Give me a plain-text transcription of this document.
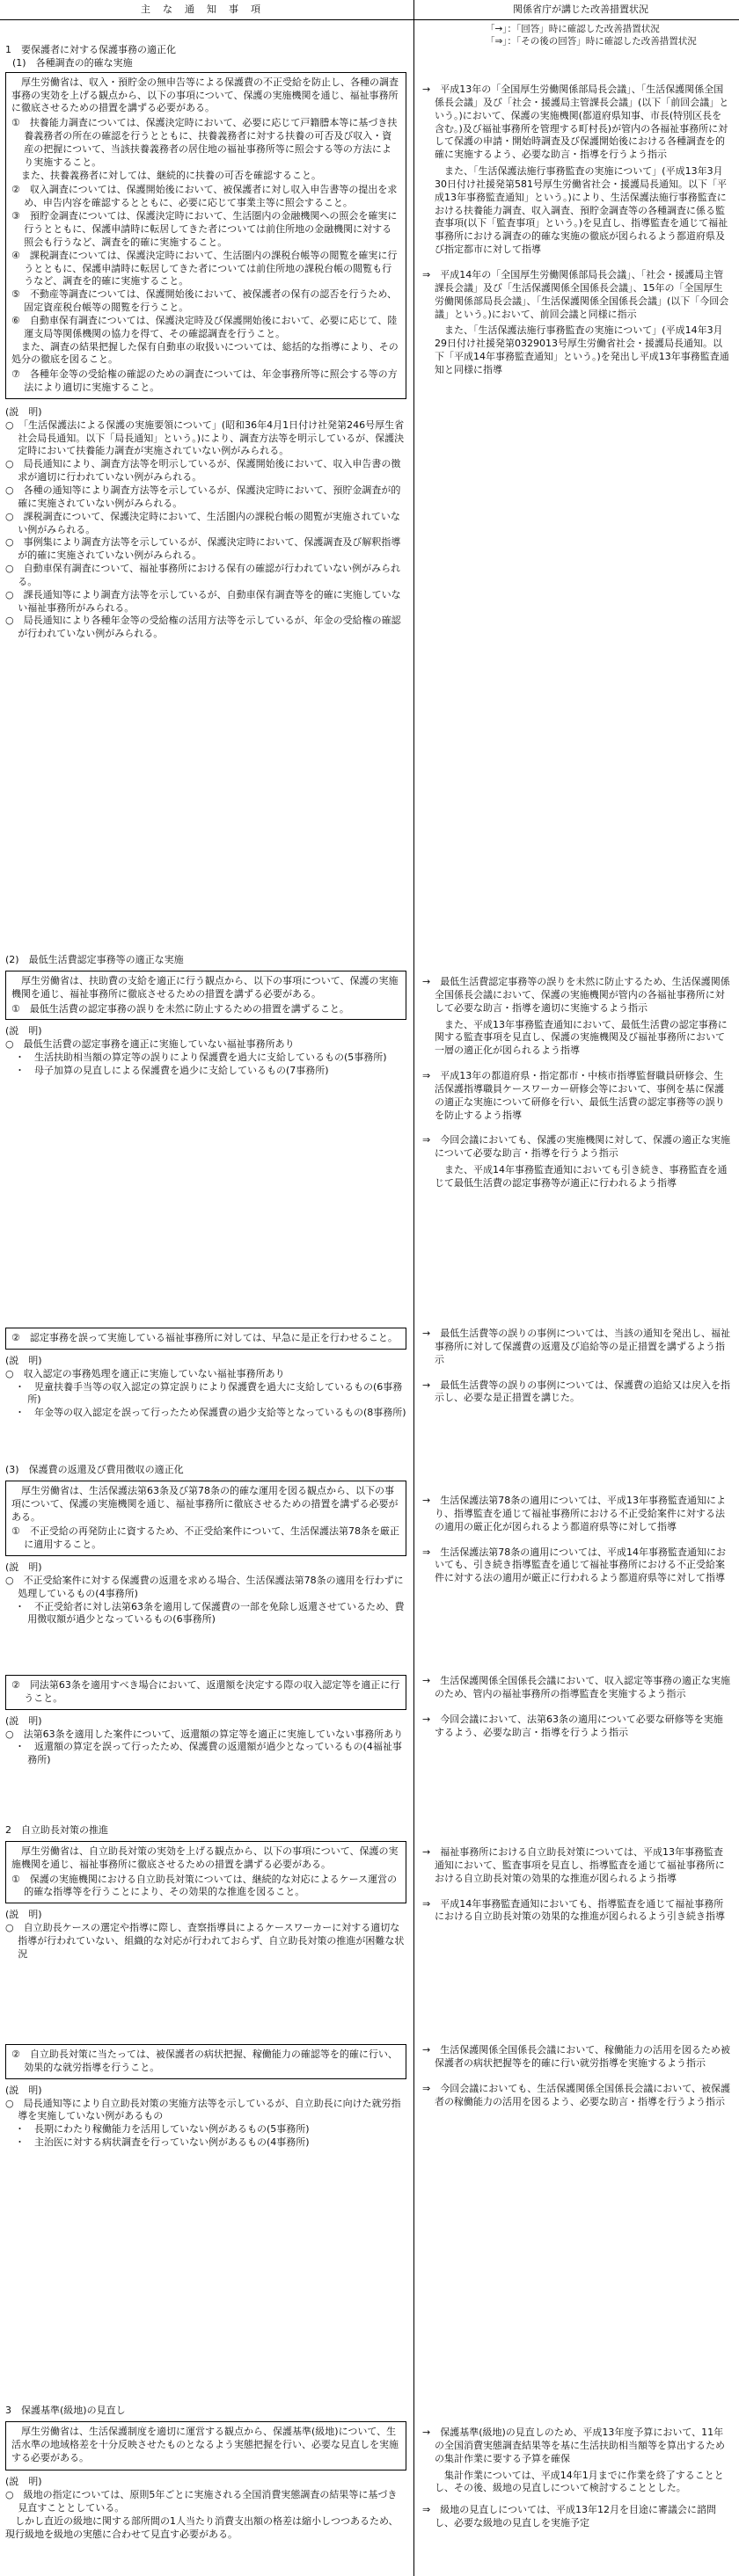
主な通知事項	関係省庁が講じた改善措置状況
「→」：「回答」時に確認した改善措置状況
「⇒」：「その後の回答」時に確認した改善措置状況
1　要保護者に対する保護事務の適正化
(1)　各種調査の的確な実施

厚生労働省は、収入・預貯金の無申告等による保護費の不正受給を防止し、各種の調査事務の実効を上げる観点から、以下の事項について、保護の実施機関を通じ、福祉事務所に徹底させるための措置を講ずる必要がある。

①　扶養能力調査については、保護決定時において、必要に応じて戸籍謄本等に基づき扶養義務者の所在の確認を行うとともに、扶養義務者に対する扶養の可否及び収入・資産の把握について、当該扶養義務者の居住地の福祉事務所等に照会する等の方法により実施すること。

また、扶養義務者に対しては、継続的に扶養の可否を確認すること。

②　収入調査については、保護開始後において、被保護者に対し収入申告書等の提出を求め、申告内容を確認するとともに、必要に応じて事業主等に照会すること。

③　預貯金調査については、保護決定時において、生活圏内の金融機関への照会を確実に行うとともに、保護申請時に転居してきた者については前住所地の金融機関に対する照会も行うなど、調査を的確に実施すること。

④　課税調査については、保護決定時において、生活圏内の課税台帳等の閲覧を確実に行うとともに、保護申請時に転居してきた者については前住所地の課税台帳の閲覧も行うなど、調査を的確に実施すること。

⑤　不動産等調査については、保護開始後において、被保護者の保有の認否を行うため、固定資産税台帳等の閲覧を行うこと。

⑥　自動車保有調査については、保護決定時及び保護開始後において、必要に応じて、陸運支局等関係機関の協力を得て、その確認調査を行うこと。

また、調査の結果把握した保有自動車の取扱いについては、総括的な指導により、その処分の徹底を図ること。

⑦　各種年金等の受給権の確認のための調査については、年金事務所等に照会する等の方法により適切に実施すること。

(説　明)

○　「生活保護法による保護の実施要領について」(昭和36年4月1日付け社発第246号厚生省社会局長通知。以下「局長通知」という。)により、調査方法等を明示しているが、保護決定時において扶養能力調査が実施されていない例がみられる。

○　局長通知により、調査方法等を明示しているが、保護開始後において、収入申告書の徴求が適切に行われていない例がみられる。

○　各種の通知等により調査方法等を示しているが、保護決定時において、預貯金調査が的確に実施されていない例がみられる。

○　課税調査について、保護決定時において、生活圏内の課税台帳の閲覧が実施されていない例がみられる。

○　事例集により調査方法等を示しているが、保護決定時において、保護調査及び解釈指導が的確に実施されていない例がみられる。

○　自動車保有調査について、福祉事務所における保有の確認が行われていない例がみられる。

○　課長通知等により調査方法等を示しているが、自動車保有調査等を的確に実施していない福祉事務所がみられる。

○　局長通知により各種年金等の受給権の活用方法等を示しているが、年金の受給権の確認が行われていない例がみられる。

→　平成13年の「全国厚生労働関係部局長会議」、「生活保護関係全国係長会議」及び「社会・援護局主管課長会議」(以下「前回会議」という。)において、保護の実施機関(都道府県知事、市長(特別区長を含む。)及び福祉事務所を管理する町村長)が管内の各福祉事務所に対して保護の申請・開始時調査及び保護開始後における各種調査を的確に実施するよう、必要な助言・指導を行うよう指示
また、「生活保護法施行事務監査の実施について」(平成13年3月30日付け社援発第581号厚生労働省社会・援護局長通知。以下「平成13年事務監査通知」という。)により、生活保護法施行事務監査における扶養能力調査、収入調査、預貯金調査等の各種調査に係る監査事項(以下「監査事項」という。)を見直し、指導監査を通じて福祉事務所における調査の的確な実施の徹底が図られるよう都道府県及び指定都市に対して指導
⇒　平成14年の「全国厚生労働関係部局長会議」、「社会・援護局主管課長会議」及び「生活保護関係全国係長会議」、15年の「全国厚生労働関係部局長会議」、「生活保護関係全国係長会議」(以下「今回会議」という。)において、前回会議と同様に指示
また、「生活保護法施行事務監査の実施について」(平成14年3月29日付け社援発第0329013号厚生労働省社会・援護局長通知。以下「平成14年事務監査通知」という。)を発出し平成13年事務監査通知と同様に指導
(2)　最低生活費認定事務等の適正な実施

厚生労働省は、扶助費の支給を適正に行う観点から、以下の事項について、保護の実施機関を通じ、福祉事務所に徹底させるための措置を講ずる必要がある。

①　最低生活費の認定事務の誤りを未然に防止するための措置を講ずること。

(説　明)

○　最低生活費の認定事務を適正に実施していない福祉事務所あり

・　生活扶助相当額の算定等の誤りにより保護費を過大に支給しているもの(5事務所)

・　母子加算の見直しによる保護費を過少に支給しているもの(7事務所)

②　認定事務を誤って実施している福祉事務所に対しては、早急に是正を行わせること。

(説　明)

○　収入認定の事務処理を適正に実施していない福祉事務所あり

・　児童扶養手当等の収入認定の算定誤りにより保護費を過大に支給しているもの(6事務所)

・　年金等の収入認定を誤って行ったため保護費の過少支給等となっているもの(8事務所)

→　最低生活費認定事務等の誤りを未然に防止するため、生活保護関係全国係長会議において、保護の実施機関が管内の各福祉事務所に対して必要な助言・指導を適切に実施するよう指示
また、平成13年事務監査通知において、最低生活費の認定事務に関する監査事項を見直し、保護の実施機関及び福祉事務所において一層の適正化が図られるよう指導
⇒　平成13年の都道府県・指定都市・中核市指導監督職員研修会、生活保護指導職員ケースワーカー研修会等において、事例を基に保護の適正な実施について研修を行い、最低生活費の認定事務等の誤りを防止するよう指導
⇒　今回会議においても、保護の実施機関に対して、保護の適正な実施について必要な助言・指導を行うよう指示
また、平成14年事務監査通知においても引き続き、事務監査を通じて最低生活費の認定事務等が適正に行われるよう指導
→　最低生活費等の誤りの事例については、当該の通知を発出し、福祉事務所に対して保護費の返還及び追給等の是正措置を講ずるよう指示
→　最低生活費等の誤りの事例については、保護費の追給又は戻入を指示し、必要な是正措置を講じた。
(3)　保護費の返還及び費用徴収の適正化

厚生労働省は、生活保護法第63条及び第78条の的確な運用を図る観点から、以下の事項について、保護の実施機関を通じ、福祉事務所に徹底させるための措置を講ずる必要がある。

①　不正受給の再発防止に資するため、不正受給案件について、生活保護法第78条を厳正に適用すること。

(説　明)

○　不正受給案件に対する保護費の返還を求める場合、生活保護法第78条の適用を行わずに処理しているもの(4事務所)

・　不正受給者に対し法第63条を適用して保護費の一部を免除し返還させているため、費用徴収額が過少となっているもの(6事務所)

②　同法第63条を適用すべき場合において、返還額を決定する際の収入認定等を適正に行うこと。

(説　明)

○　法第63条を適用した案件について、返還額の算定等を適正に実施していない事務所あり

・　返還額の算定を誤って行ったため、保護費の返還額が過少となっているもの(4福祉事務所)

→　生活保護法第78条の適用については、平成13年事務監査通知により、指導監査を通じて福祉事務所における不正受給案件に対する法の適用の厳正化が図られるよう都道府県等に対して指導
⇒　生活保護法第78条の適用については、平成14年事務監査通知においても、引き続き指導監査を通じて福祉事務所における不正受給案件に対する法の適用が厳正に行われるよう都道府県等に対して指導
→　生活保護関係全国係長会議において、収入認定等事務の適正な実施のため、管内の福祉事務所の指導監査を実施するよう指示
→　今回会議において、法第63条の適用について必要な研修等を実施するよう、必要な助言・指導を行うよう指示
2　自立助長対策の推進

厚生労働省は、自立助長対策の実効を上げる観点から、以下の事項について、保護の実施機関を通じ、福祉事務所に徹底させるための措置を講ずる必要がある。

①　保護の実施機関における自立助長対策については、継続的な対応によるケース運営の的確な指導等を行うことにより、その効果的な推進を図ること。

(説　明)

○　自立助長ケースの選定や指導に際し、査察指導員によるケースワーカーに対する適切な指導が行われていない、組織的な対応が行われておらず、自立助長対策の推進が困難な状況

②　自立助長対策に当たっては、被保護者の病状把握、稼働能力の確認等を的確に行い、効果的な就労指導を行うこと。

(説　明)

○　局長通知等により自立助長対策の実施方法等を示しているが、自立助長に向けた就労指導を実施していない例があるもの

・　長期にわたり稼働能力を活用していない例があるもの(5事務所)

・　主治医に対する病状調査を行っていない例があるもの(4事務所)

→　福祉事務所における自立助長対策については、平成13年事務監査通知において、監査事項を見直し、指導監査を通じて福祉事務所における自立助長対策の効果的な推進が図られるよう指導
⇒　平成14年事務監査通知においても、指導監査を通じて福祉事務所における自立助長対策の効果的な推進が図られるよう引き続き指導
→　生活保護関係全国係長会議において、稼働能力の活用を図るため被保護者の病状把握等を的確に行い就労指導を実施するよう指示
⇒　今回会議においても、生活保護関係全国係長会議において、被保護者の稼働能力の活用を図るよう、必要な助言・指導を行うよう指示
3　保護基準(級地)の見直し

厚生労働省は、生活保護制度を適切に運営する観点から、保護基準(級地)について、生活水準の地域格差を十分反映させたものとなるよう実態把握を行い、必要な見直しを実施する必要がある。

(説　明)

○　級地の指定については、原則5年ごとに実施される全国消費実態調査の結果等に基づき見直すこととしている。

しかし直近の級地に関する部所間の1人当たり消費支出額の格差は縮小しつつあるため、現行級地を級地の実態に合わせて見直す必要がある。

→　保護基準(級地)の見直しのため、平成13年度予算において、11年の全国消費実態調査結果等を基に生活扶助相当額等を算出するための集計作業に要する予算を確保
集計作業については、平成14年1月までに作業を終了することとし、その後、級地の見直しについて検討することとした。
⇒　級地の見直しについては、平成13年12月を目途に審議会に諮問し、必要な級地の見直しを実施予定
